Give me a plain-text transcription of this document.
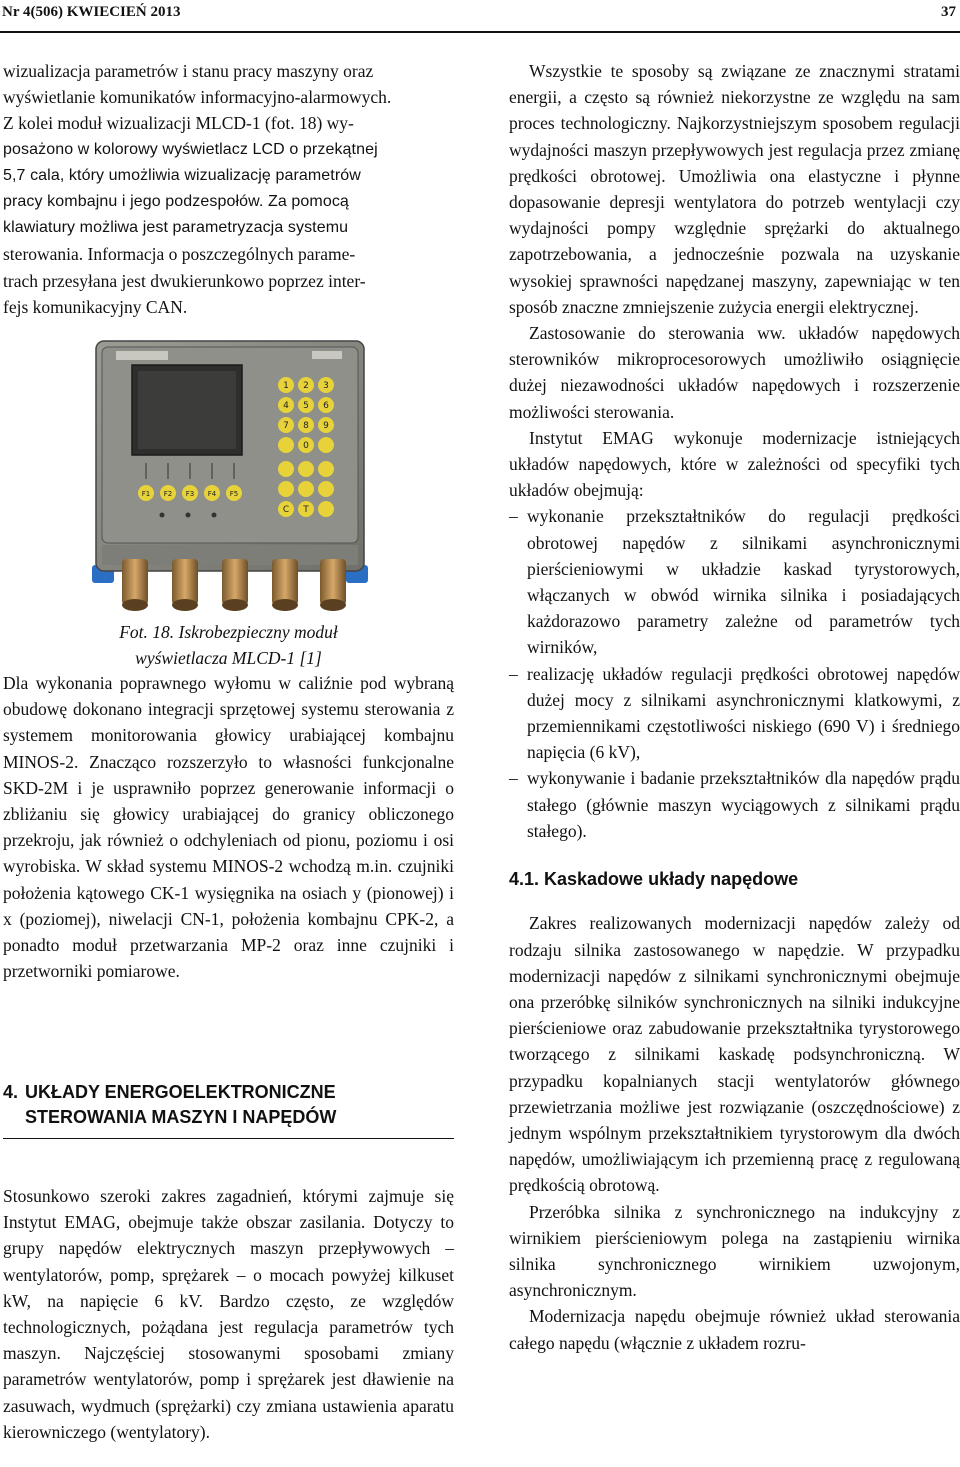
Nr 4(506) KWIECIEŃ 2013	37
wizualizacja parametrów i stanu pracy maszyny oraz
wyświetlanie komunikatów informacyjno-alarmowych.
Z kolei moduł wizualizacji MLCD-1 (fot. 18) wy-
posażono w kolorowy wyświetlacz LCD o przekątnej
5,7 cala, który umożliwia wizualizację parametrów
pracy kombajnu i jego podzespołów. Za pomocą
klawiatury możliwa jest parametryzacja systemu
sterowania. Informacja o poszczególnych parame-
trach przesyłana jest dwukierunkowo poprzez inter-
fejs komunikacyjny CAN.
1 2 3
4 5 6
7 8 9
0
C T
F1 F2 F3 F4 F5
Fot. 18. Iskrobezpieczny moduł
wyświetlacza MLCD-1 [1]
Dla wykonania poprawnego wyłomu w caliźnie pod wybraną obudowę dokonano integracji sprzętowej systemu sterowania z systemem monitorowania głowicy urabiającej kombajnu MINOS-2. Znacząco rozszerzyło to własności funkcjonalne SKD-2M i je usprawniło poprzez generowanie informacji o zbliżaniu się głowicy urabiającej do granicy obliczonego przekroju, jak również o odchyleniach od pionu, poziomu i osi wyrobiska. W skład systemu MINOS-2 wchodzą m.in. czujniki położenia kątowego CK-1 wysięgnika na osiach y (pionowej) i x (poziomej), niwelacji CN-1, położenia kombajnu CPK-2, a ponadto moduł przetwarzania MP-2 oraz inne czujniki i przetworniki pomiarowe.
4. UKŁADY ENERGOELEKTRONICZNE
STEROWANIA MASZYN I NAPĘDÓW
Stosunkowo szeroki zakres zagadnień, którymi zajmuje się Instytut EMAG, obejmuje także obszar zasilania. Dotyczy to grupy napędów elektrycznych maszyn przepływowych – wentylatorów, pomp, sprężarek – o mocach powyżej kilkuset kW, na napięcie 6 kV. Bardzo często, ze względów technologicznych, pożądana jest regulacja parametrów tych maszyn. Najczęściej stosowanymi sposobami zmiany parametrów wentylatorów, pomp i sprężarek jest dławienie na zasuwach, wydmuch (sprężarki) czy zmiana ustawienia aparatu kierowniczego (wentylatory).
Wszystkie te sposoby są związane ze znacznymi stratami energii, a często są również niekorzystne ze względu na sam proces technologiczny. Najkorzystniejszym sposobem regulacji wydajności maszyn przepływowych jest regulacja przez zmianę prędkości obrotowej. Umożliwia ona elastyczne i płynne dopasowanie depresji wentylatora do potrzeb wentylacji czy wydajności pompy względnie sprężarki do aktualnego zapotrzebowania, a jednocześnie pozwala na uzyskanie wysokiej sprawności napędzanej maszyny, zapewniając w ten sposób znaczne zmniejszenie zużycia energii elektrycznej.
Zastosowanie do sterowania ww. układów napędowych sterowników mikroprocesorowych umożliwiło osiągnięcie dużej niezawodności układów napędowych i rozszerzenie możliwości sterowania.
Instytut EMAG wykonuje modernizacje istniejących układów napędowych, które w zależności od specyfiki tych układów obejmują:
– wykonanie przekształtników do regulacji prędkości obrotowej napędów z silnikami asynchronicznymi pierścieniowymi w układzie kaskad tyrystorowych, włączanych w obwód wirnika silnika i posiadających każdorazowo parametry zależne od parametrów tych wirników,
– realizację układów regulacji prędkości obrotowej napędów dużej mocy z silnikami asynchronicznymi klatkowymi, z przemiennikami częstotliwości niskiego (690 V) i średniego napięcia (6 kV),
– wykonywanie i badanie przekształtników dla napędów prądu stałego (głównie maszyn wyciągowych z silnikami prądu stałego).
4.1. Kaskadowe układy napędowe
Zakres realizowanych modernizacji napędów zależy od rodzaju silnika zastosowanego w napędzie. W przypadku modernizacji napędów z silnikami synchronicznymi obejmuje ona przeróbkę silników synchronicznych na silniki indukcyjne pierścieniowe oraz zabudowanie przekształtnika tyrystorowego tworzącego z silnikami kaskadę podsynchroniczną. W przypadku kopalnianych stacji wentylatorów głównego przewietrzania możliwe jest rozwiązanie (oszczędnościowe) z jednym wspólnym przekształtnikiem tyrystorowym dla dwóch napędów, umożliwiającym ich przemienną pracę z regulowaną prędkością obrotową.
Przeróbka silnika z synchronicznego na indukcyjny z wirnikiem pierścieniowym polega na zastąpieniu wirnika silnika synchronicznego wirnikiem uzwojonym, asynchronicznym.
Modernizacja napędu obejmuje również układ sterowania całego napędu (włącznie z układem rozru-
